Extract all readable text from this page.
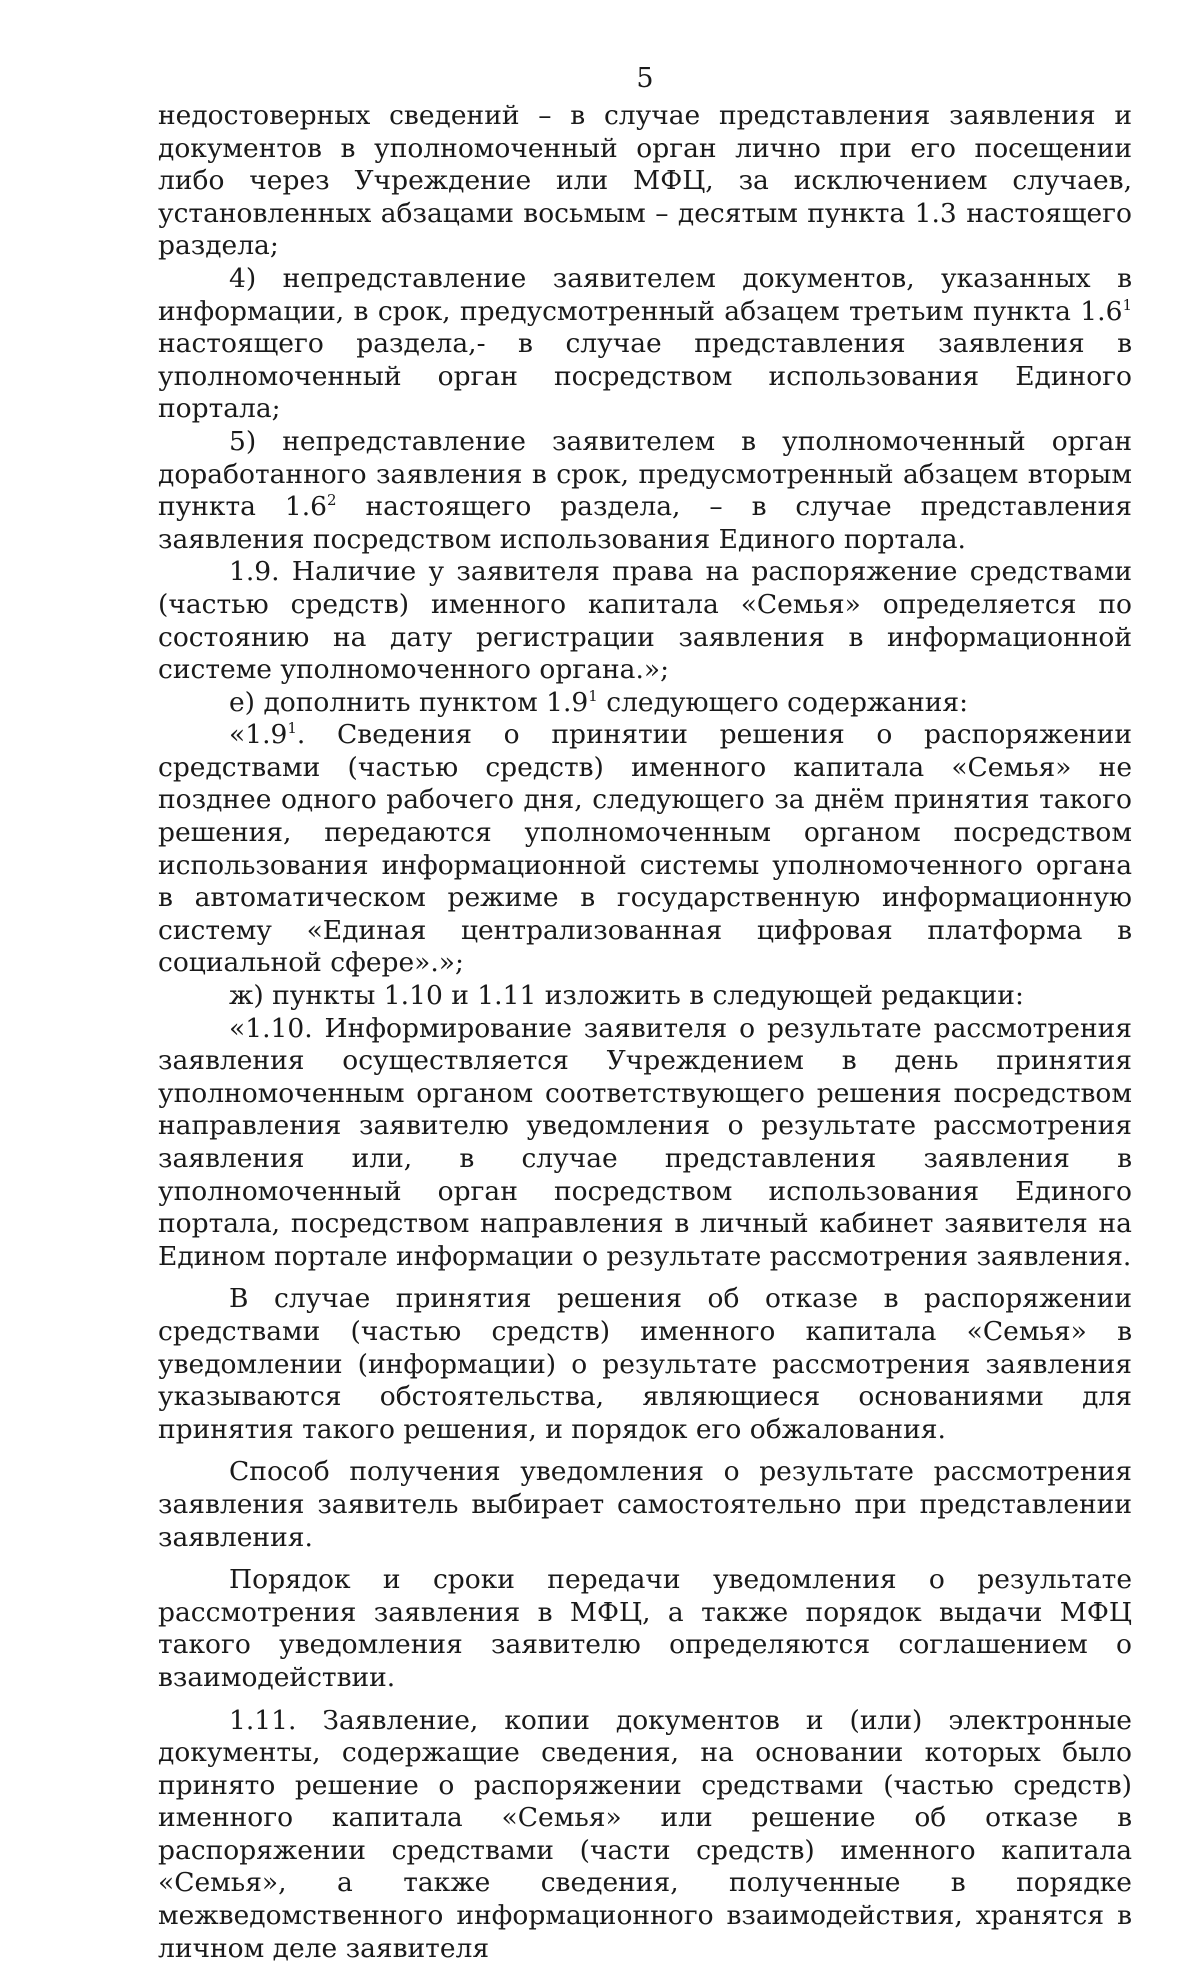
5

недостоверных сведений – в случае представления заявления и документов в уполномоченный орган лично при его посещении либо через Учреждение или МФЦ, за исключением случаев, установленных абзацами восьмым – десятым пункта 1.3 настоящего раздела;

4) непредставление заявителем документов, указанных в информации, в срок, предусмотренный абзацем третьим пункта $1.6^1$ настоящего раздела,- в случае представления заявления в уполномоченный орган посредством использования Единого портала;

5) непредставление заявителем в уполномоченный орган доработанного заявления в срок, предусмотренный абзацем вторым пункта $1.6^2$ настоящего раздела, – в случае представления заявления посредством использования Единого портала.

1.9. Наличие у заявителя права на распоряжение средствами (частью средств) именного капитала «Семья» определяется по состоянию на дату регистрации заявления в информационной системе уполномоченного органа.»;

е) дополнить пунктом $1.9^1$ следующего содержания:

«$1.9^1$. Сведения о принятии решения о распоряжении средствами (частью средств) именного капитала «Семья» не позднее одного рабочего дня, следующего за днём принятия такого решения, передаются уполномоченным органом посредством использования информационной системы уполномоченного органа в автоматическом режиме в государственную информационную систему «Единая централизованная цифровая платформа в социальной сфере».»;

ж) пункты 1.10 и 1.11 изложить в следующей редакции:

«1.10. Информирование заявителя о результате рассмотрения заявления осуществляется Учреждением в день принятия уполномоченным органом соответствующего решения посредством направления заявителю уведомления о результате рассмотрения заявления или, в случае представления заявления в уполномоченный орган посредством использования Единого портала, посредством направления в личный кабинет заявителя на Едином портале информации о результате рассмотрения заявления.

В случае принятия решения об отказе в распоряжении средствами (частью средств) именного капитала «Семья» в уведомлении (информации) о результате рассмотрения заявления указываются обстоятельства, являющиеся основаниями для принятия такого решения, и порядок его обжалования.

Способ получения уведомления о результате рассмотрения заявления заявитель выбирает самостоятельно при представлении заявления.

Порядок и сроки передачи уведомления о результате рассмотрения заявления в МФЦ, а также порядок выдачи МФЦ такого уведомления заявителю определяются соглашением о взаимодействии.

1.11. Заявление, копии документов и (или) электронные документы, содержащие сведения, на основании которых было принято решение о распоряжении средствами (частью средств) именного капитала «Семья» или решение об отказе в распоряжении средствами (части средств) именного капитала «Семья», а также сведения, полученные в порядке межведомственного информационного взаимодействия, хранятся в личном деле заявителя
